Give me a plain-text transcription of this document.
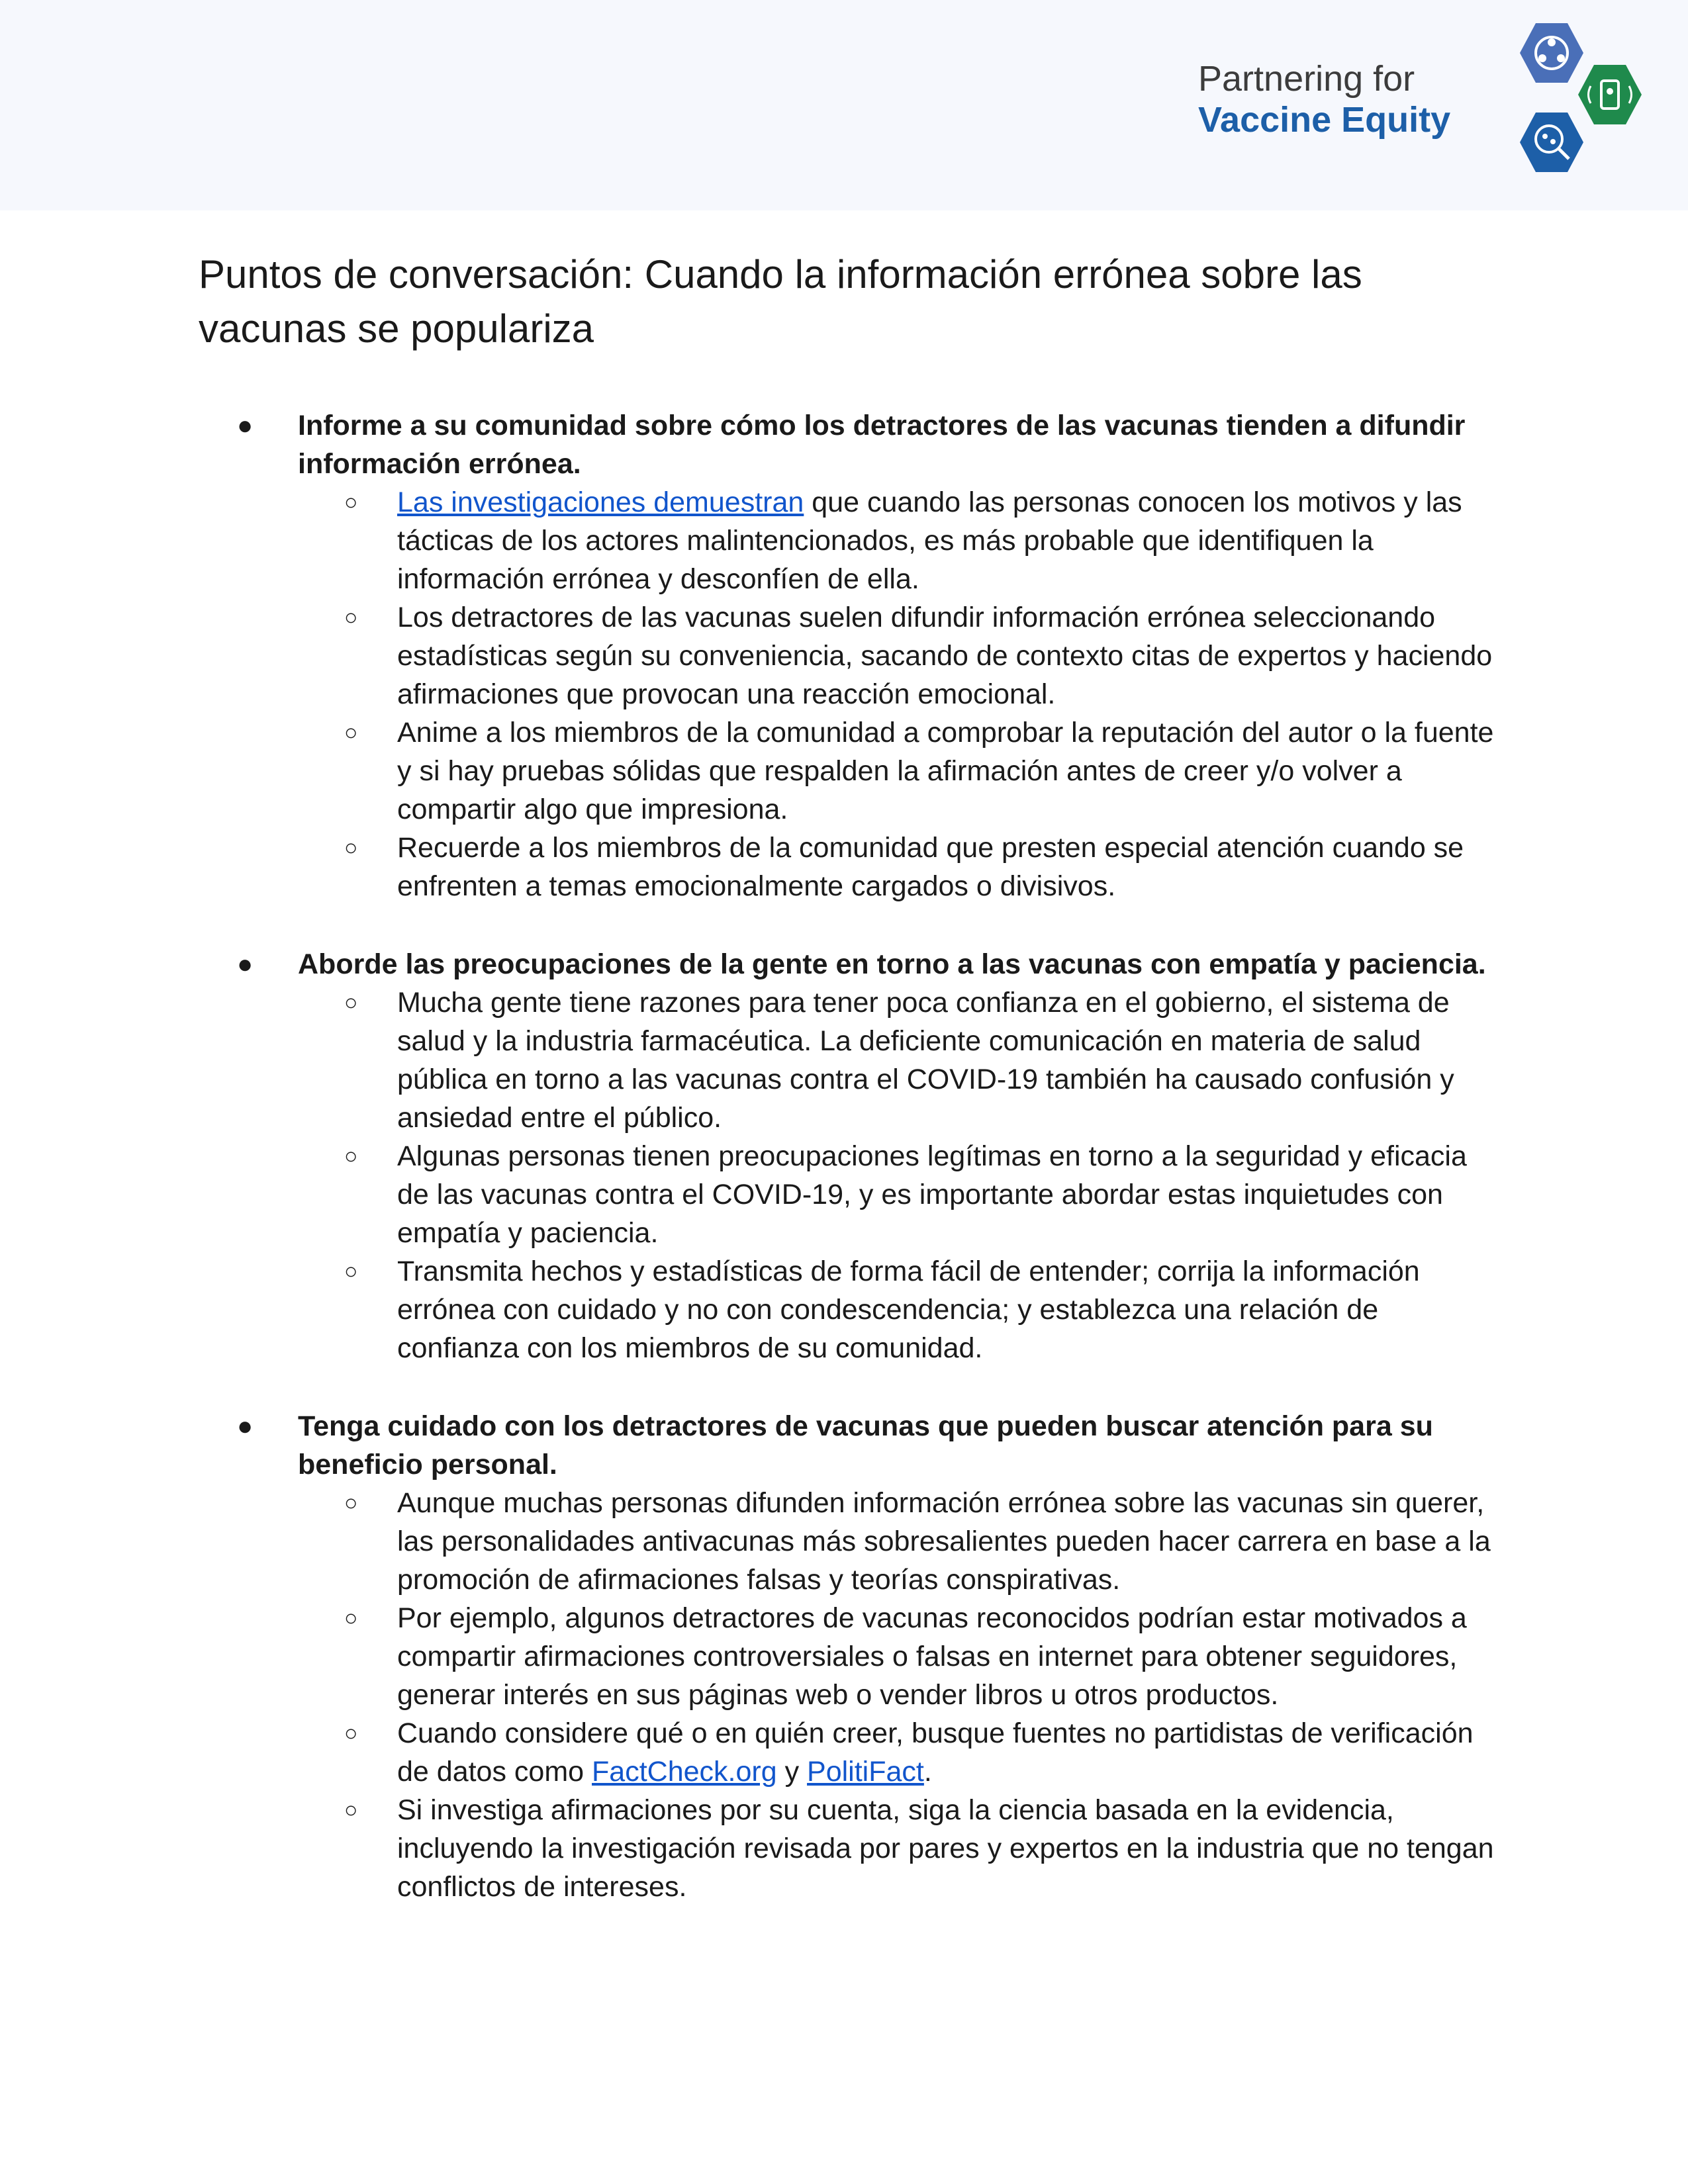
Partnering for
Vaccine Equity
Puntos de conversación: Cuando la información errónea sobre las vacunas se populariza
●	Informe a su comunidad sobre cómo los detractores de las vacunas tienden a difundir información errónea.
○	Las investigaciones demuestran que cuando las personas conocen los motivos y las tácticas de los actores malintencionados, es más probable que identifiquen la información errónea y desconfíen de ella.
○	Los detractores de las vacunas suelen difundir información errónea seleccionando estadísticas según su conveniencia, sacando de contexto citas de expertos y haciendo afirmaciones que provocan una reacción emocional.
○	Anime a los miembros de la comunidad a comprobar la reputación del autor o la fuente y si hay pruebas sólidas que respalden la afirmación antes de creer y/o volver a compartir algo que impresiona.
○	Recuerde a los miembros de la comunidad que presten especial atención cuando se enfrenten a temas emocionalmente cargados o divisivos.
●	Aborde las preocupaciones de la gente en torno a las vacunas con empatía y paciencia.
○	Mucha gente tiene razones para tener poca confianza en el gobierno, el sistema de salud y la industria farmacéutica. La deficiente comunicación en materia de salud pública en torno a las vacunas contra el COVID-19 también ha causado confusión y ansiedad entre el público.
○	Algunas personas tienen preocupaciones legítimas en torno a la seguridad y eficacia de las vacunas contra el COVID-19, y es importante abordar estas inquietudes con empatía y paciencia.
○	Transmita hechos y estadísticas de forma fácil de entender; corrija la información errónea con cuidado y no con condescendencia; y establezca una relación de confianza con los miembros de su comunidad.
●	Tenga cuidado con los detractores de vacunas que pueden buscar atención para su beneficio personal.
○	Aunque muchas personas difunden información errónea sobre las vacunas sin querer, las personalidades antivacunas más sobresalientes pueden hacer carrera en base a la promoción de afirmaciones falsas y teorías conspirativas.
○	Por ejemplo, algunos detractores de vacunas reconocidos podrían estar motivados a compartir afirmaciones controversiales o falsas en internet para obtener seguidores, generar interés en sus páginas web o vender libros u otros productos.
○	Cuando considere qué o en quién creer, busque fuentes no partidistas de verificación de datos como FactCheck.org y PolitiFact.
○	Si investiga afirmaciones por su cuenta, siga la ciencia basada en la evidencia, incluyendo la investigación revisada por pares y expertos en la industria que no tengan conflictos de intereses.
